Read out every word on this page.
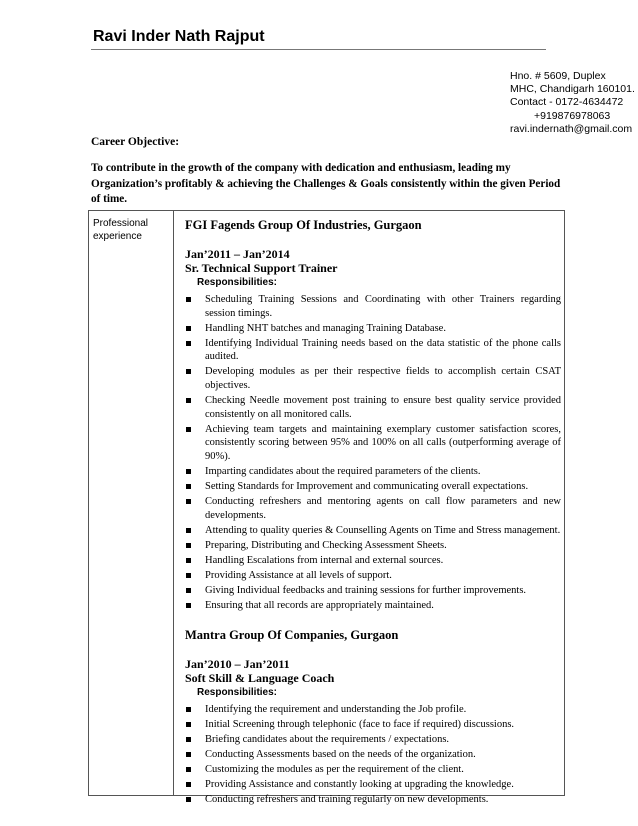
Ravi Inder Nath Rajput
Hno. # 5609, Duplex
MHC, Chandigarh 160101.
Contact - 0172-4634472
+919876978063
ravi.indernath@gmail.com
Career Objective:
To contribute in the growth of the company with dedication and enthusiasm, leading my Organization’s profitably & achieving the Challenges & Goals consistently within the given Period of time.
Professional experience
FGI Fagends Group Of Industries, Gurgaon
Jan’2011 – Jan’2014
Sr. Technical Support Trainer
Responsibilities:
Scheduling Training Sessions and Coordinating with other Trainers regarding session timings.
Handling NHT batches and managing Training Database.
Identifying Individual Training needs based on the data statistic of the phone calls audited.
Developing modules as per their respective fields to accomplish certain CSAT objectives.
Checking Needle movement post training to ensure best quality service provided consistently on all monitored calls.
Achieving team targets and maintaining exemplary customer satisfaction scores, consistently scoring between 95% and 100% on all calls (outperforming average of 90%).
Imparting candidates about the required parameters of the clients.
Setting Standards for Improvement and communicating overall expectations.
Conducting refreshers and mentoring agents on call flow parameters and new developments.
Attending to quality queries & Counselling Agents on Time and Stress management.
Preparing, Distributing and Checking Assessment Sheets.
Handling Escalations from internal and external sources.
Providing Assistance at all levels of support.
Giving Individual feedbacks and training sessions for further improvements.
Ensuring that all records are appropriately maintained.
Mantra Group Of Companies, Gurgaon
Jan’2010 – Jan’2011
Soft Skill & Language Coach
Responsibilities:
Identifying the requirement and understanding the Job profile.
Initial Screening through telephonic (face to face if required) discussions.
Briefing candidates about the requirements / expectations.
Conducting Assessments based on the needs of the organization.
Customizing the modules as per the requirement of the client.
Providing Assistance and constantly looking at upgrading the knowledge.
Conducting refreshers and training regularly on new developments.
